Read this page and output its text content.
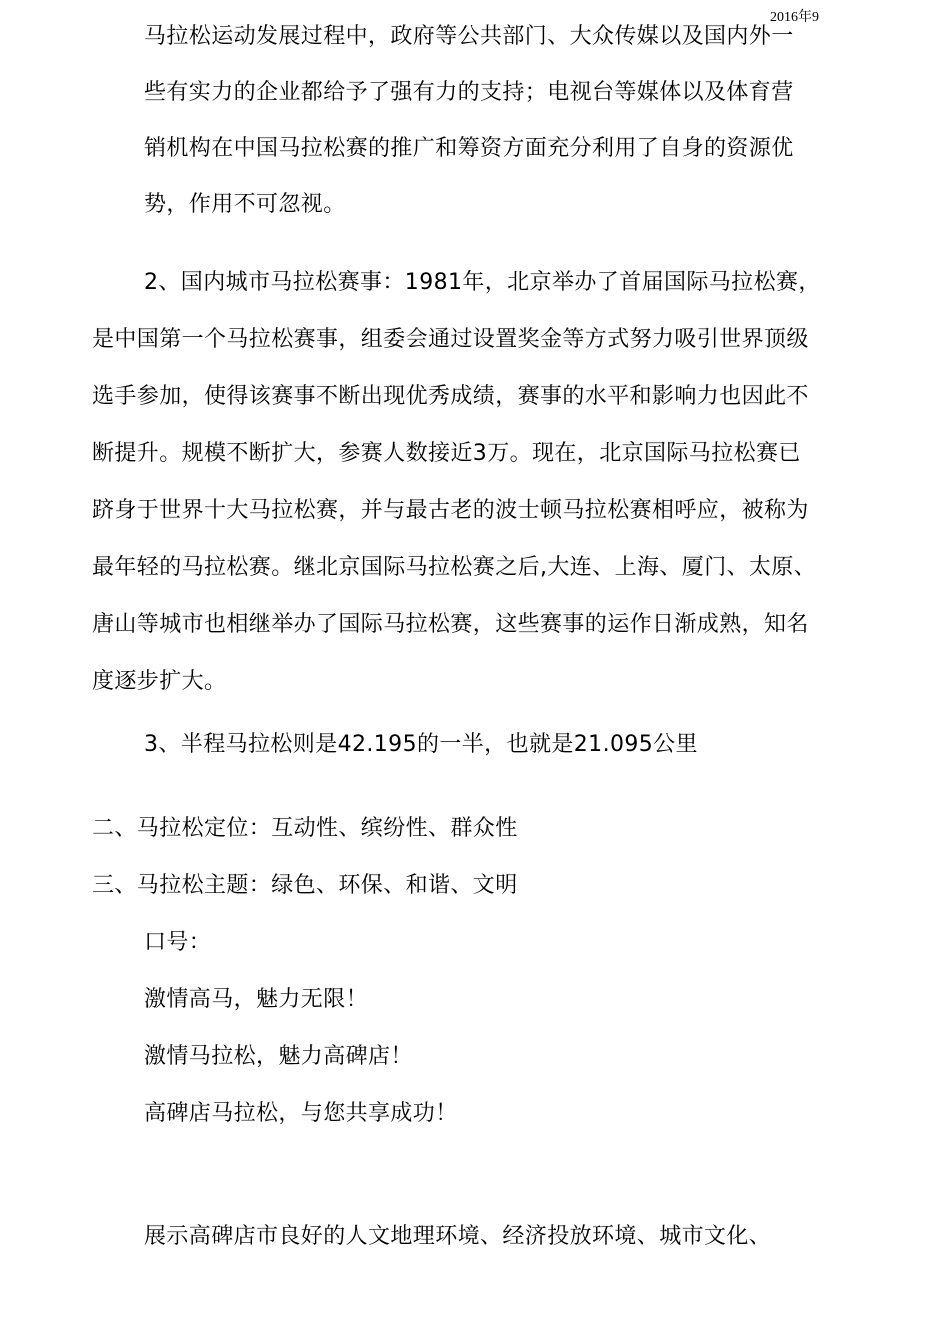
2016年9
马拉松运动发展过程中，政府等公共部门、大众传媒以及国内外一
些有实力的企业都给予了强有力的支持；电视台等媒体以及体育营
销机构在中国马拉松赛的推广和筹资方面充分利用了自身的资源优
势，作用不可忽视。
2、国内城市马拉松赛事：1981年，北京举办了首届国际马拉松赛，
是中国第一个马拉松赛事，组委会通过设置奖金等方式努力吸引世界顶级
选手参加，使得该赛事不断出现优秀成绩，赛事的水平和影响力也因此不
断提升。规模不断扩大，参赛人数接近3万。现在，北京国际马拉松赛已
跻身于世界十大马拉松赛，并与最古老的波士顿马拉松赛相呼应，被称为
最年轻的马拉松赛。继北京国际马拉松赛之后,大连、上海、厦门、太原、
唐山等城市也相继举办了国际马拉松赛，这些赛事的运作日渐成熟，知名
度逐步扩大。
3、半程马拉松则是42.195的一半，也就是21.095公里
二、马拉松定位：互动性、缤纷性、群众性
三、马拉松主题：绿色、环保、和谐、文明
口号：
激情高马，魅力无限！
激情马拉松，魅力高碑店！
高碑店马拉松，与您共享成功！
展示高碑店市良好的人文地理环境、经济投放环境、城市文化、
